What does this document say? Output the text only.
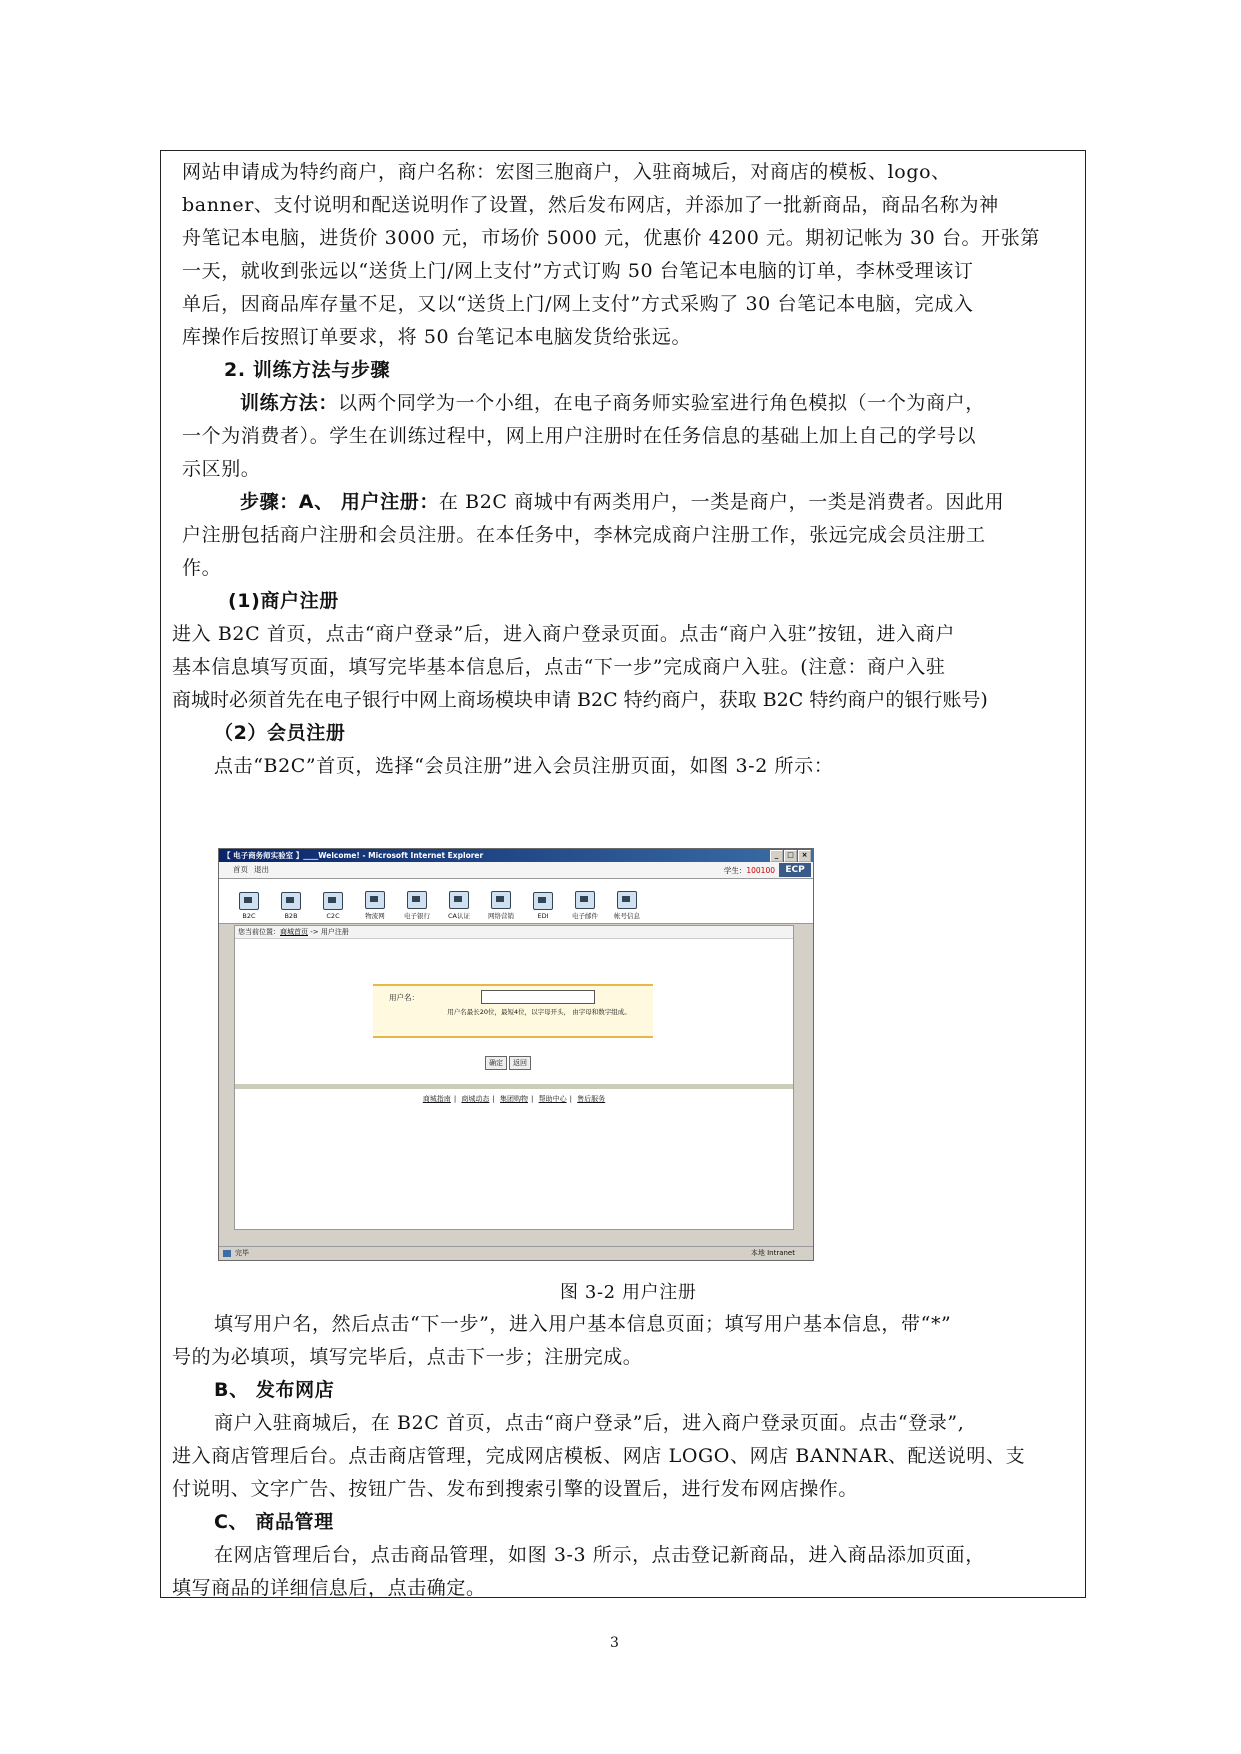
网站申请成为特约商户，商户名称：宏图三胞商户，入驻商城后，对商店的模板、logo、
banner、支付说明和配送说明作了设置，然后发布网店，并添加了一批新商品，商品名称为神
舟笔记本电脑，进货价 3000 元，市场价 5000 元，优惠价 4200 元。期初记帐为 30 台。开张第
一天，就收到张远以“送货上门/网上支付”方式订购 50 台笔记本电脑的订单，李林受理该订
单后，因商品库存量不足，又以“送货上门/网上支付”方式采购了 30 台笔记本电脑，完成入
库操作后按照订单要求，将 50 台笔记本电脑发货给张远。
2. 训练方法与步骤
训练方法：以两个同学为一个小组，在电子商务师实验室进行角色模拟（一个为商户，
一个为消费者）。学生在训练过程中，网上用户注册时在任务信息的基础上加上自己的学号以
示区别。
步骤：A、 用户注册：在 B2C 商城中有两类用户，一类是商户，一类是消费者。因此用
户注册包括商户注册和会员注册。在本任务中，李林完成商户注册工作，张远完成会员注册工
作。
(1)商户注册
进入 B2C 首页，点击“商户登录”后，进入商户登录页面。点击“商户入驻”按钮，进入商户
基本信息填写页面，填写完毕基本信息后，点击“下一步”完成商户入驻。(注意：商户入驻
商城时必须首先在电子银行中网上商场模块申请 B2C 特约商户，获取 B2C 特约商户的银行账号)
（2）会员注册
点击“B2C”首页，选择“会员注册”进入会员注册页面，如图 3-2 所示：
【 电子商务师实验室 】____Welcome! - Microsoft Internet Explorer	_	□	×
首页 退出	学生：100100	ECP
B2C	B2B	C2C	物流网	电子银行	CA认证	网络营销	EDI	电子邮件	帐号信息
您当前位置：商城首页 -> 用户注册
用户名：
用户名最长20位，最短4位，以字母开头， 由字母和数字组成。
确定	返回
商城指南 | 商城动态 | 集团购物 | 帮助中心 | 售后服务
完毕	本地 Intranet
图 3-2 用户注册
填写用户名，然后点击“下一步”，进入用户基本信息页面；填写用户基本信息，带“*”
号的为必填项，填写完毕后，点击下一步；注册完成。
B、 发布网店
商户入驻商城后，在 B2C 首页，点击“商户登录”后，进入商户登录页面。点击“登录”,
进入商店管理后台。点击商店管理，完成网店模板、网店 LOGO、网店 BANNAR、配送说明、支
付说明、文字广告、按钮广告、发布到搜索引擎的设置后，进行发布网店操作。
C、 商品管理
在网店管理后台，点击商品管理，如图 3-3 所示，点击登记新商品，进入商品添加页面，
填写商品的详细信息后，点击确定。
3
